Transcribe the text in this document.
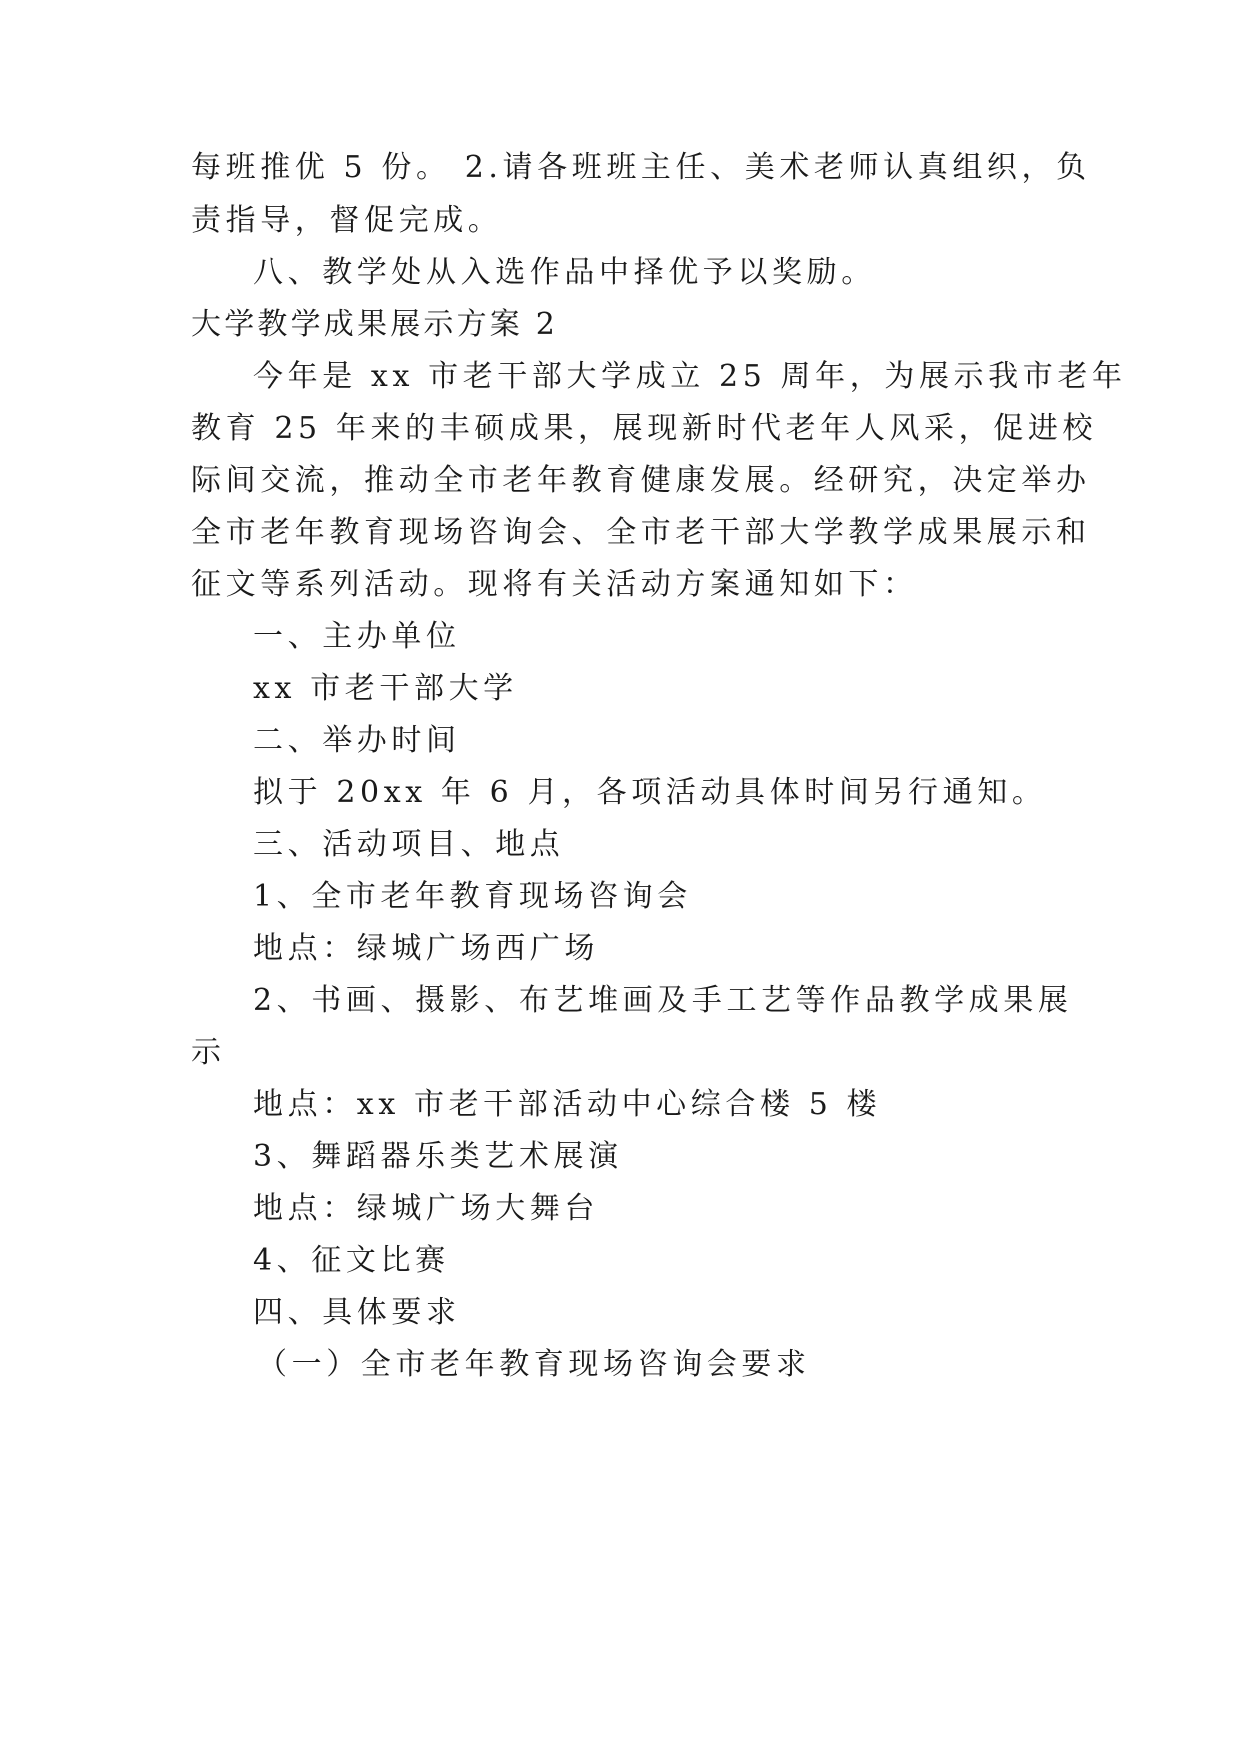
每班推优 5 份。 2.请各班班主任、美术老师认真组织，负
责指导，督促完成。
八、教学处从入选作品中择优予以奖励。
大学教学成果展示方案 2
今年是 xx 市老干部大学成立 25 周年，为展示我市老年
教育 25 年来的丰硕成果，展现新时代老年人风采，促进校
际间交流，推动全市老年教育健康发展。经研究，决定举办
全市老年教育现场咨询会、全市老干部大学教学成果展示和
征文等系列活动。现将有关活动方案通知如下：
一、主办单位
xx 市老干部大学
二、举办时间
拟于 20xx 年 6 月，各项活动具体时间另行通知。
三、活动项目、地点
1、全市老年教育现场咨询会
地点：绿城广场西广场
2、书画、摄影、布艺堆画及手工艺等作品教学成果展
示
地点：xx 市老干部活动中心综合楼 5 楼
3、舞蹈器乐类艺术展演
地点：绿城广场大舞台
4、征文比赛
四、具体要求
（一）全市老年教育现场咨询会要求
